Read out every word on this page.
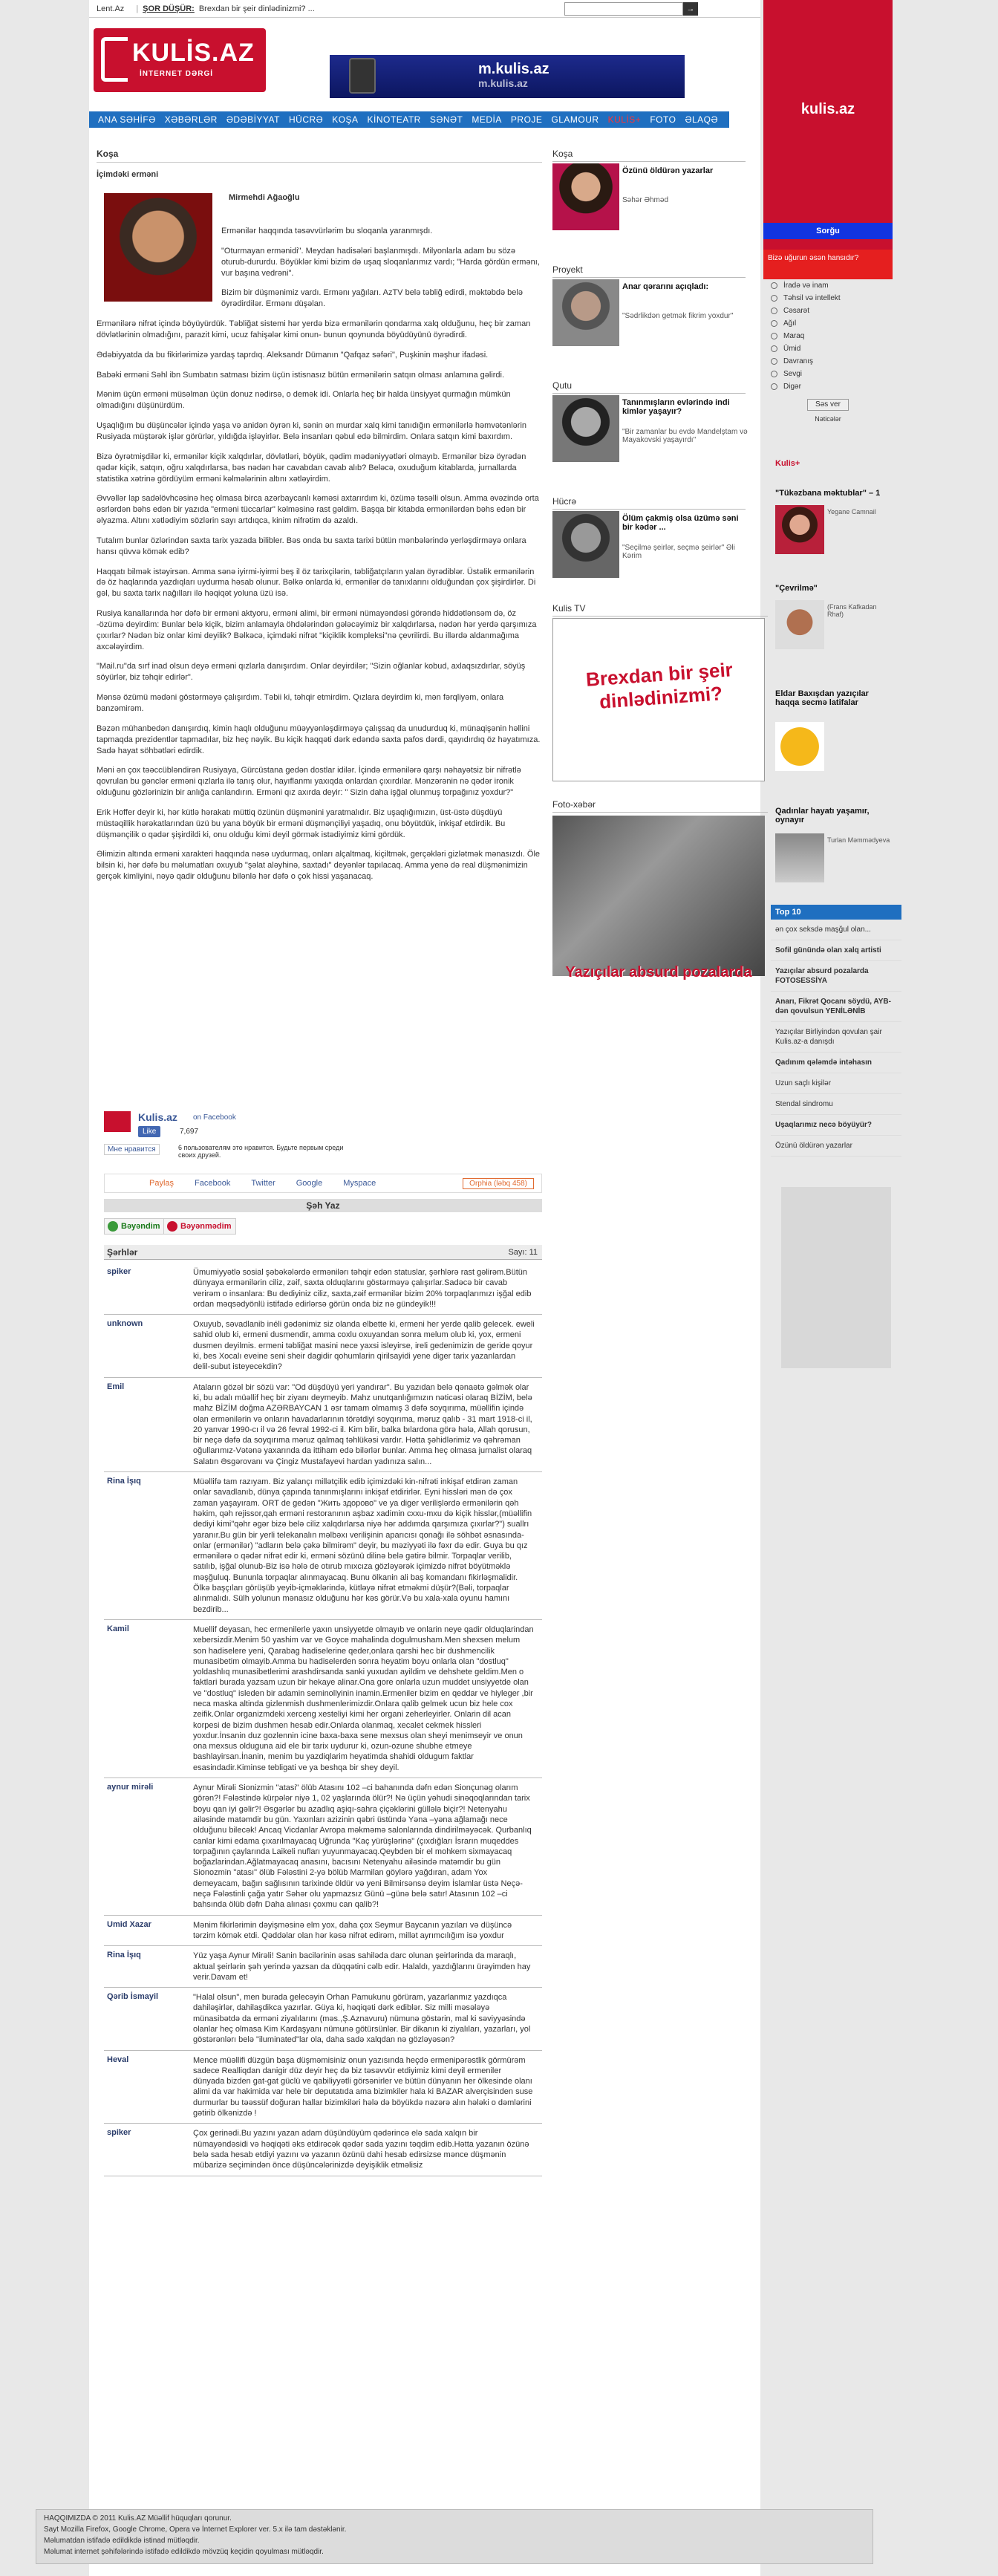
Lent.Az	| ŞOR DÜŞÜR: Brexdan bir şeir dinlədinizmi? ...	→
KULİS.AZ
İNTERNET DƏRGİ	m.kulis.az
m.kulis.az
ANA SƏHİFƏ	XƏBƏRLƏR	ƏDƏBİYYAT	HÜCRƏ	KOŞA	KİNOTEATR	SƏNƏT	MEDİA	PROJE	GLAMOUR	KULİS+	FOTO	ƏLAQƏ
Koşa
İçimdəki erməni
Mirmehdi Ağaoğlu

Ermənilər haqqında təsəvvürlərim bu sloqanla yaranmışdı.

"Oturmayan ermənidi". Meydan hadisələri başlanmışdı. Milyonlarla adam bu sözə oturub-dururdu. Böyüklər kimi bizim də uşaq sloqanlarımız vardı; "Harda gördün ermənı, vur başına vedrəni".

Bizim bir düşmənimiz vardı. Ermənı yağıları. AzTV belə təbliğ edirdi, məktəbdə belə öyrədirdilər. Ermənı düşəlan.

Ermənilərə nifrət içində böyüyürdük. Təbliğat sistemi hər yerdə bizə ermənilərin qondarma xalq olduğunu, heç bir zaman dövlətlərinin olmadığını, parazit kimi, ucuz fahişələr kimi onun- bunun qoynunda böyüdüyünü öyrədirdi.

Ədəbiyyatda da bu fikirlərimizə yardaş taprdıq. Aleksandr Dümanın "Qafqaz səfəri", Puşkinin məşhur ifadəsi.

Babəki erməni Səhl ibn Sumbatın satması bizim üçün istisnasız bütün ermənilərin satqın olması anlamına gəlirdi.

Mənim üçün erməni müsəlman üçün donuz nədirsə, o demək idi. Onlarla heç bir halda ünsiyyət qurmağın mümkün olmadığını düşünürdüm.

Uşaqlığım bu düşüncələr içində yaşa və anidən öyrən ki, sənin ən murdar xalq kimi tanıdığın ermənilərlə həmvətənlərin Rusiyada müştərək işlər görürlər, yıldığda işləyirlər. Belə insanları qəbul edə bilmirdim. Onlara satqın kimi baxırdım.

Bizə öyrətmişdilər ki, ermənilər kiçik xalqdırlar, dövlətləri, böyük, qədim mədəniyyətləri olmayıb. Ermənilər bizə öyrədən qədər kiçik, satqın, oğru xalqdırlarsa, bəs nədən hər cavabdan cavab alıb? Beləcə, oxuduğum kitablarda, jurnallarda statistika xətrinə gördüyüm erməni kəlmələrinin altını xətləyirdim.

Əvvəllər lap sadəlövhcəsinə heç olmasa birca azərbaycanlı kəməsi axtarırdım ki, özümə təsəlli olsun. Amma əvəzində orta əsrlərdən bəhs edən bir yazıda "erməni tüccarlar" kəlməsinə rast gəldim. Başqa bir kitabda ermənilərdən bəhs edən bir əlyazma. Altını xətlədiyim sözlərin sayı artdıqca, kinim nifrətim də azaldı.

Tutalım bunlar özlərindən saxta tarix yazada bilibler. Bəs onda bu saxta tarixi bütün mənbələrində yerləşdirməyə onlara hansı qüvvə kömək edib?

Haqqatı bilmək istəyirsən. Amma sənə iyirmi-iyirmi beş il öz tarixçilərin, təbliğatçıların yalan öyrədiblər. Üstəlik ermənilərin də öz haqlarında yazdıqları uydurma həsab olunur. Bəlkə onlarda ki, ermənilər də tanıxlarını olduğundan çox şişirdirlər. Di gəl, bu saxta tarix nağılları ilə həqiqət yoluna üzü isə.

Rusiya kanallarında hər dəfə bir erməni aktyoru, erməni alimi, bir erməni nümayəndəsi görəndə hiddətlənsəm də, öz -özümə deyirdim: Bunlar belə kiçik, bizim anlamayla öhdələrindən gələcəyimiz bir xalqdırlarsa, nədən hər yerdə qarşımıza çıxırlar? Nədən biz onlar kimi deyilik? Bəlkəcə, içimdəki nifrət "kiçiklik kompleksi"nə çevrilirdi. Bu illərdə aldanmağıma axcələyirdim.

"Mail.ru"da sırf inad olsun deyə erməni qızlarla danışırdım. Onlar deyirdilər; "Sizin oğlanlar kobud, axlaqsızdırlar, söyüş söyürlər, biz təhqir edirlər".

Mənsə özümü mədəni göstərməyə çalışırdım. Təbii ki, təhqir etmirdim. Qızlara deyirdim ki, mən fərqliyəm, onlara banzəmirəm.

Bəzən mühanbedən danışırdıq, kimin haqlı olduğunu müəyyənləşdirməyə çalışsaq da unudurduq ki, münaqişənin həllini tapmaqda prezidentlər tapmadılar, biz heç nəyik. Bu kiçik haqqəti dərk edəndə saxta pafos dərdi, qayıdırdıq öz həyatımıza. Sadə hayat söhbətləri edirdik.

Məni ən çox təəccübləndirən Rusiyaya, Gürcüstana gedən dostlar idilər. İçində ermənilərə qarşı nəhayətsiz bir nifrətlə qovrulan bu gənclər erməni qızlarla ilə tanış olur, hayıflanmı yaxıqda onlardan çıxırdılar. Mənzərənin nə qədər ironik olduğunu gözlərinizin bir anlığa canlandırın. Erməni qız axırda deyir: " Sizin daha işğal olunmuş torpağınız yoxdur?"

Erik Hoffer deyir ki, hər kütlə hərakatı müttiq özünün düşmənini yaratmalıdır. Biz uşaqlığımızın, üst-üstə düşdüyü müstəqillik hərəkatlarından üzü bu yana böyük bir erməni düşmənçiliyi yaşadıq, onu böyütdük, inkişaf etdirdik. Bu düşmənçilik o qədər şişirdildi ki, onu olduğu kimi deyil görmək istədiyimiz kimi gördük.

Əlimizin altında erməni xarakteri haqqında nəsə uydurmaq, onları alçaltmaq, kiçiltmək, gerçəkləri gizlətmək mənasızdı. Öle bilsin ki, hər dəfə bu məlumatları oxuyub "şəlat aləyhinə, saxtadı" deyənlər tapılacaq. Amma yenə də real düşmənimizin gerçək kimliyini, nəyə qadir olduğunu bilənlə hər dəfə o çok hissi yaşanacaq.

Kulis.az on Facebook
Like	7,697
Мне нравится	6 пользователям это нравится. Будьте первым среди своих друзей.
Paylaş	Facebook	Twitter	Google	Myspace	Orphia (ləbq 458)
Şəh Yaz
Bəyəndim	Bəyənmədim
Şərhlər	Sayı: 11
spiker	Ümumiyyətlə sosial şəbəkələrdə ermənilərı təhqir edən statuslar, şərhlərə rast gəlirəm.Bütün dünyaya ermənilərin ciliz, zəif, saxta olduqlarını göstərməyə çalışırlar.Sadəcə bir cavab verirəm o insanlara: Bu dediyiniz ciliz, saxta,zəif ermənilər bizim 20% torpaqlarımızı işğal edib ordan məqsədyönlü istifadə edirlərsə görün onda biz nə gündeyik!!!
unknown	Oxuyub, səvadlanib inéli gədənimiz siz olanda elbette ki, ermeni her yerde qalib gelecek. eweli sahid olub ki, ermeni dusmendir, amma coxlu oxuyandan sonra melum olub ki, yox, ermeni dusmen deyilmis. ermeni təbliğat masini nece yaxsi isleyirse, ireli gedenimizin de geride qoyur ki, bes Xocalı eveine seni sheir dagidir qohumlarin qirilsayidi yene diger tarix yazanlardan delil-subut isteyecekdin?
Emil	Ataların gözəl bir sözü var: "Od düşdüyü yeri yandırar". Bu yazıdan belə qənaətə gəlmək olar ki, bu ədalı müəllif heç bir ziyanı deymeyib. Mahz unutqanlığımızın nəticəsi olaraq BİZİM, belə mahz BİZİM doğma AZƏRBAYCAN 1 əsr tamam olmamış 3 dəfə soyqırıma, müəllifin içində olan ermənilərin və onların havadarlarının törətdiyi soyqırıma, məruz qalıb - 31 mart 1918-ci il, 20 yanvar 1990-cı il və 26 fevral 1992-ci il. Kim bilir, balka bılardona görə hələ, Allah qorusun, bir neçə dəfə da soyqırıma məruz qalmaq təhlükəsi vardır. Hətta şəhidlərimiz və qəhrəman oğullarımız-Vətənə yaxarında da ittiham edə bilərlər bunlar. Amma heç olmasa jurnalist olaraq Salatın Əsgərovanı və Çingiz Mustafayevi hardan yadınıza salın...
Rina İşıq	Müəllifə tam razıyam. Biz yalançı millətçilik edib içimizdəki kin-nifrəti inkişaf etdirən zaman onlar savadlanıb, dünya çapında tanınmışlarını inkişaf etdirirlər. Eyni hissləri mən də çox zaman yaşayıram. ORT de gedən "Жить здорово" ve ya diger verilişlərdə ermənilərin qəh həkim, qəh rejissor,qah erməni restoranının aşbaz xadimin cxxu-mxu də kiçik hisslər,(müəllifin dediyi kimi"qəhr əgər bizə belə ciliz xalqdırlarsa niyə hər addımda qarşımıza çıxırlar?") suallrı yaranır.Bu gün bir yerli telekanalın məlbəxı verilişinin aparıcısı qonağı ilə söhbət əsnasında- onlar (ermənilər) "adların belə çəkə bilmirəm" deyir, bu məziyyəti ilə fəxr də edir. Guya bu qız ermənilərə o qədər nifrət edir ki, erməni sözünü dilinə belə gətirə bilmir. Torpaqlar verilib, satılıb, işğal olunub-Biz isə hələ de otırub mıxcıza gözləyərək içimizdə nifrət böyütməklə məşğuluq. Bununla torpaqlar alınmayacaq. Bunu ölkanin ali baş komandanı fikirləşmalidir. Ölkə başçıları görüşüb yeyib-içməklərində, kütləyə nifrət etməkmi düşür?(Bəli, torpaqlar alınmalıdı. Sülh yolunun mənasız olduğunu hər kəs görür.Və bu xala-xala oyunu hamını bezdirib...
Kamil	Muellif deyasan, hec ermenilerle yaxın unsiyyetde olmayıb ve onlarin neye qadir olduqlarindan xebersizdir.Menim 50 yashim var ve Goyce mahalinda dogulmusham.Men shexsen melum son hadiselere yeni, Qarabag hadiselerine qeder,onlara qarshi hec bir dushmencilik munasibetim olmayib.Amma bu hadiselerden sonra heyatim boyu onlarla olan "dostluq" yoldashlıq munasibetlerimi arashdirsanda sanki yuxudan ayildim ve dehshete geldim.Men o faktlari burada yazsam uzun bir hekaye alinar.Ona gore onlarla uzun muddet unsiyyetde olan ve "dostluq" isleden bir adamin seminollyinin inamin.Ermeniler bizim en qeddar ve hiyleger ,bir neca maska altinda gizlenmish dushmenlerimizdir.Onlara qalib gelmek ucun biz hele cox zeifik.Onlar organizmdeki xerceng xesteliyi kimi her organi zeherleyirler. Onlarin dil acan korpesi de bizim dushmen hesab edir.Onlarda olanmaq, xecalet cekmek hissleri yoxdur.İnsanin duz gozlennin icine baxa-baxa sene mexsus olan sheyi menimseyir ve onun ona mexsus olduguna aid ele bir tarix uydurur ki, ozun-ozune shubhe etmeye bashlayirsan.İnanin, menim bu yazdiqlarim heyatimda shahidi oldugum faktlar esasindadir.Kiminse tebligati ve ya beshqa bir shey deyil.
aynur mirəli	Aynur Mirəli Sionizmin "atasi" ölüb Atasını 102 –ci bahanında dəfn edən Sionçunəg olarım görən?! Fələstində kürpələr niyə 1, 02 yaşlarında ölür?! Nə üçün yəhudi sinəqoqlarından tarix boyu qan iyi gəlir?! Əsgərlər bu azadlıq aşiqı-sahra çiçəklərini güllələ biçir?! Netenyahu ailəsinde matəmdir bu gün. Yaxınları azizinin qəbri üstündə Yəna –yəna ağlamağı nece olduğunu bilecək! Ancaq Vicdanlar Avropa məkməmə salonlarında dindirilməyəcək. Qurbanlıq canlar kimi edama çıxarılmayacaq Uğrunda "Kaç yürüşlərinə" (çıxdığları İsrarın muqeddes torpağının çaylarında Laikeli nufları yuyunmayacaq.Qeybden bir el mohkem sixmayacaq boğazlarindan.Ağlatmayacaq anasını, bacısını Netenyahu ailəsində matəmdir bu gün Sionozmin "atası" ölüb Fələstini 2-yə bölüb Marmilan göylərə yağdıran, adam Yox demeyacam, bağın sağlısının tarixinde öldür və yeni Bilmirsənsə deyim İslamlar üstə Neçə-neçə Fələstinli çağa yatır Səhər olu yapmazsız Günü –günə belə satır! Atasının 102 –ci bahsında ölüb dəfn Daha alınası çoxmu can qalib?!
Umid Xazar	Mənim fikirlərimin dəyişməsinə elm yox, daha çox Seymur Baycanın yazıları və düşüncə tərzim kömək etdi. Qəddəlar olan hər kəsə nifrət edirəm, millət ayrımcılığım isə yoxdur
Rina İşıq	Yüz yaşa Aynur Mirəli! Sanin bacilərinin əsas sahiləda darc olunan şeirlərinda da maraqlı, aktual şeirlərin şəh yerində yazsan da düqqətini cəlb edir. Halaldı, yazdığlarını ürəyimden hay verir.Davam et!
Qərib İsmayil	"Halal olsun", men burada gelecəyin Orhan Pamukunu görüram, yazarlanmız yazdıqca dahiləşirlər, dahilaşdikca yazırlar. Güya ki, həqiqəti dərk ediblər. Siz milli məsələyə münasibətdə da erməni ziyalılarını (məs.,Ş.Aznavuru) nümunə göstərin, mal ki səviyyəsində olanlar heç olmasa Kim Kardaşyanı nümunə götürsünlər. Bir dikanın ki ziyalıları, yazarları, yol göstərənlərı belə "iluminated"lar ola, daha sadə xalqdan nə gözləyəsən?
Heval	Mence müəllifi düzgün başa düşməmisiniz onun yazısında heçdə ermenipərəstlik görmürəm sadece Realliqdan danigir düz deyir heç də biz təsəvvür etdiyimiz kimi deyil ermeniler dünyada bizden gat-gat güclü ve qabiliyyətli görsənirler ve bütün dünyanın her ölkesinde olanı alimi da var hakimida var hele bir deputatıda ama bizimkiler hala ki BAZAR alverçisinden suse durmurlar bu təəssüf doğuran hallar bizimkiləri hələ də böyükdə nəzərə alın hələki o dəmlərini gətirib ölkənizdə !
spiker	Çox gerinədi.Bu yazını yazan adam düşündüyüm qədərincə elə sada xalqın bir nümayəndəsidi və həqiqəti əks etdirəcək qədər sada yazını təqdim edib.Hətta yazanın özünə belə sada hesab etdiyi yazını və yazanın özünü dahi hesab edirsizse mənce düşmənin mübarizə seçimindən önce düşüncələrinizdə deyişiklik etməlisiz
Koşa
Özünü öldürən yazarlar
Səhər Əhməd
Proyekt
Anar qərarını açıqladı:
"Sədrlikdən getmək fikrim yoxdur"
Qutu
Tanınmışların evlərində indi kimlər yaşayır?
"Bir zamanlar bu evdə Mandelştam və Mayakovski yaşayırdı"
Hücrə
Ölüm çakmiş olsa üzümə səni bir kədər ...
"Seçilmə şeirlər, seçmə şeirlər" Əli Kərim
Kulis TV
Brexdan bir şeir dinlədinizmi?
Foto-xəbər
Yazıçılar absurd pozalarda
kulis.az
Sorğu
Bizə uğurun əsən hansıdır?
İradə və inam
Təhsil və intellekt
Cəsarət
Ağıl
Maraq
Ümid
Davranış
Sevgi
Digər
Səs ver
Nəticələr
Kulis+
"Tükəzbana məktublar" – 1
Yegane Camnail
"Çevrilmə"
(Frans Kafkadan Rhaf)
Eldar Baxışdan yazıçılar haqqa secmə latifalar
Qadınlar hayatı yaşamır, oynayır
Turlan Məmmədyeva
Top 10
ən çox seksdə maşğul olan...
Sofil günündə olan xalq artisti
Yazıçılar absurd pozalarda FOTOSESSİYA
Anarı, Fikrət Qocanı söydü, AYB-dən qovulsun YENİLƏNİB
Yazıçılar Birliyindən qovulan şair Kulis.az-a danışdı
Qadınım qələmdə intəhasın
Uzun saçlı kişilər
Stendal sindromu
Uşaqlarımız necə böyüyür?
Özünü öldürən yazarlar
HAQQIMIZDA © 2011 Kulis.AZ Müəllif hüquqları qorunur.
Sayt Mozilla Firefox, Google Chrome, Opera və İnternet Explorer ver. 5.x ilə tam dəstəklənir.
Məlumatdan istifadə edildikdə istinad mütləqdir.
Məlumat internet şəhifələrində istifadə edildikdə mövzüq keçidin qoyulması mütləqdir.
